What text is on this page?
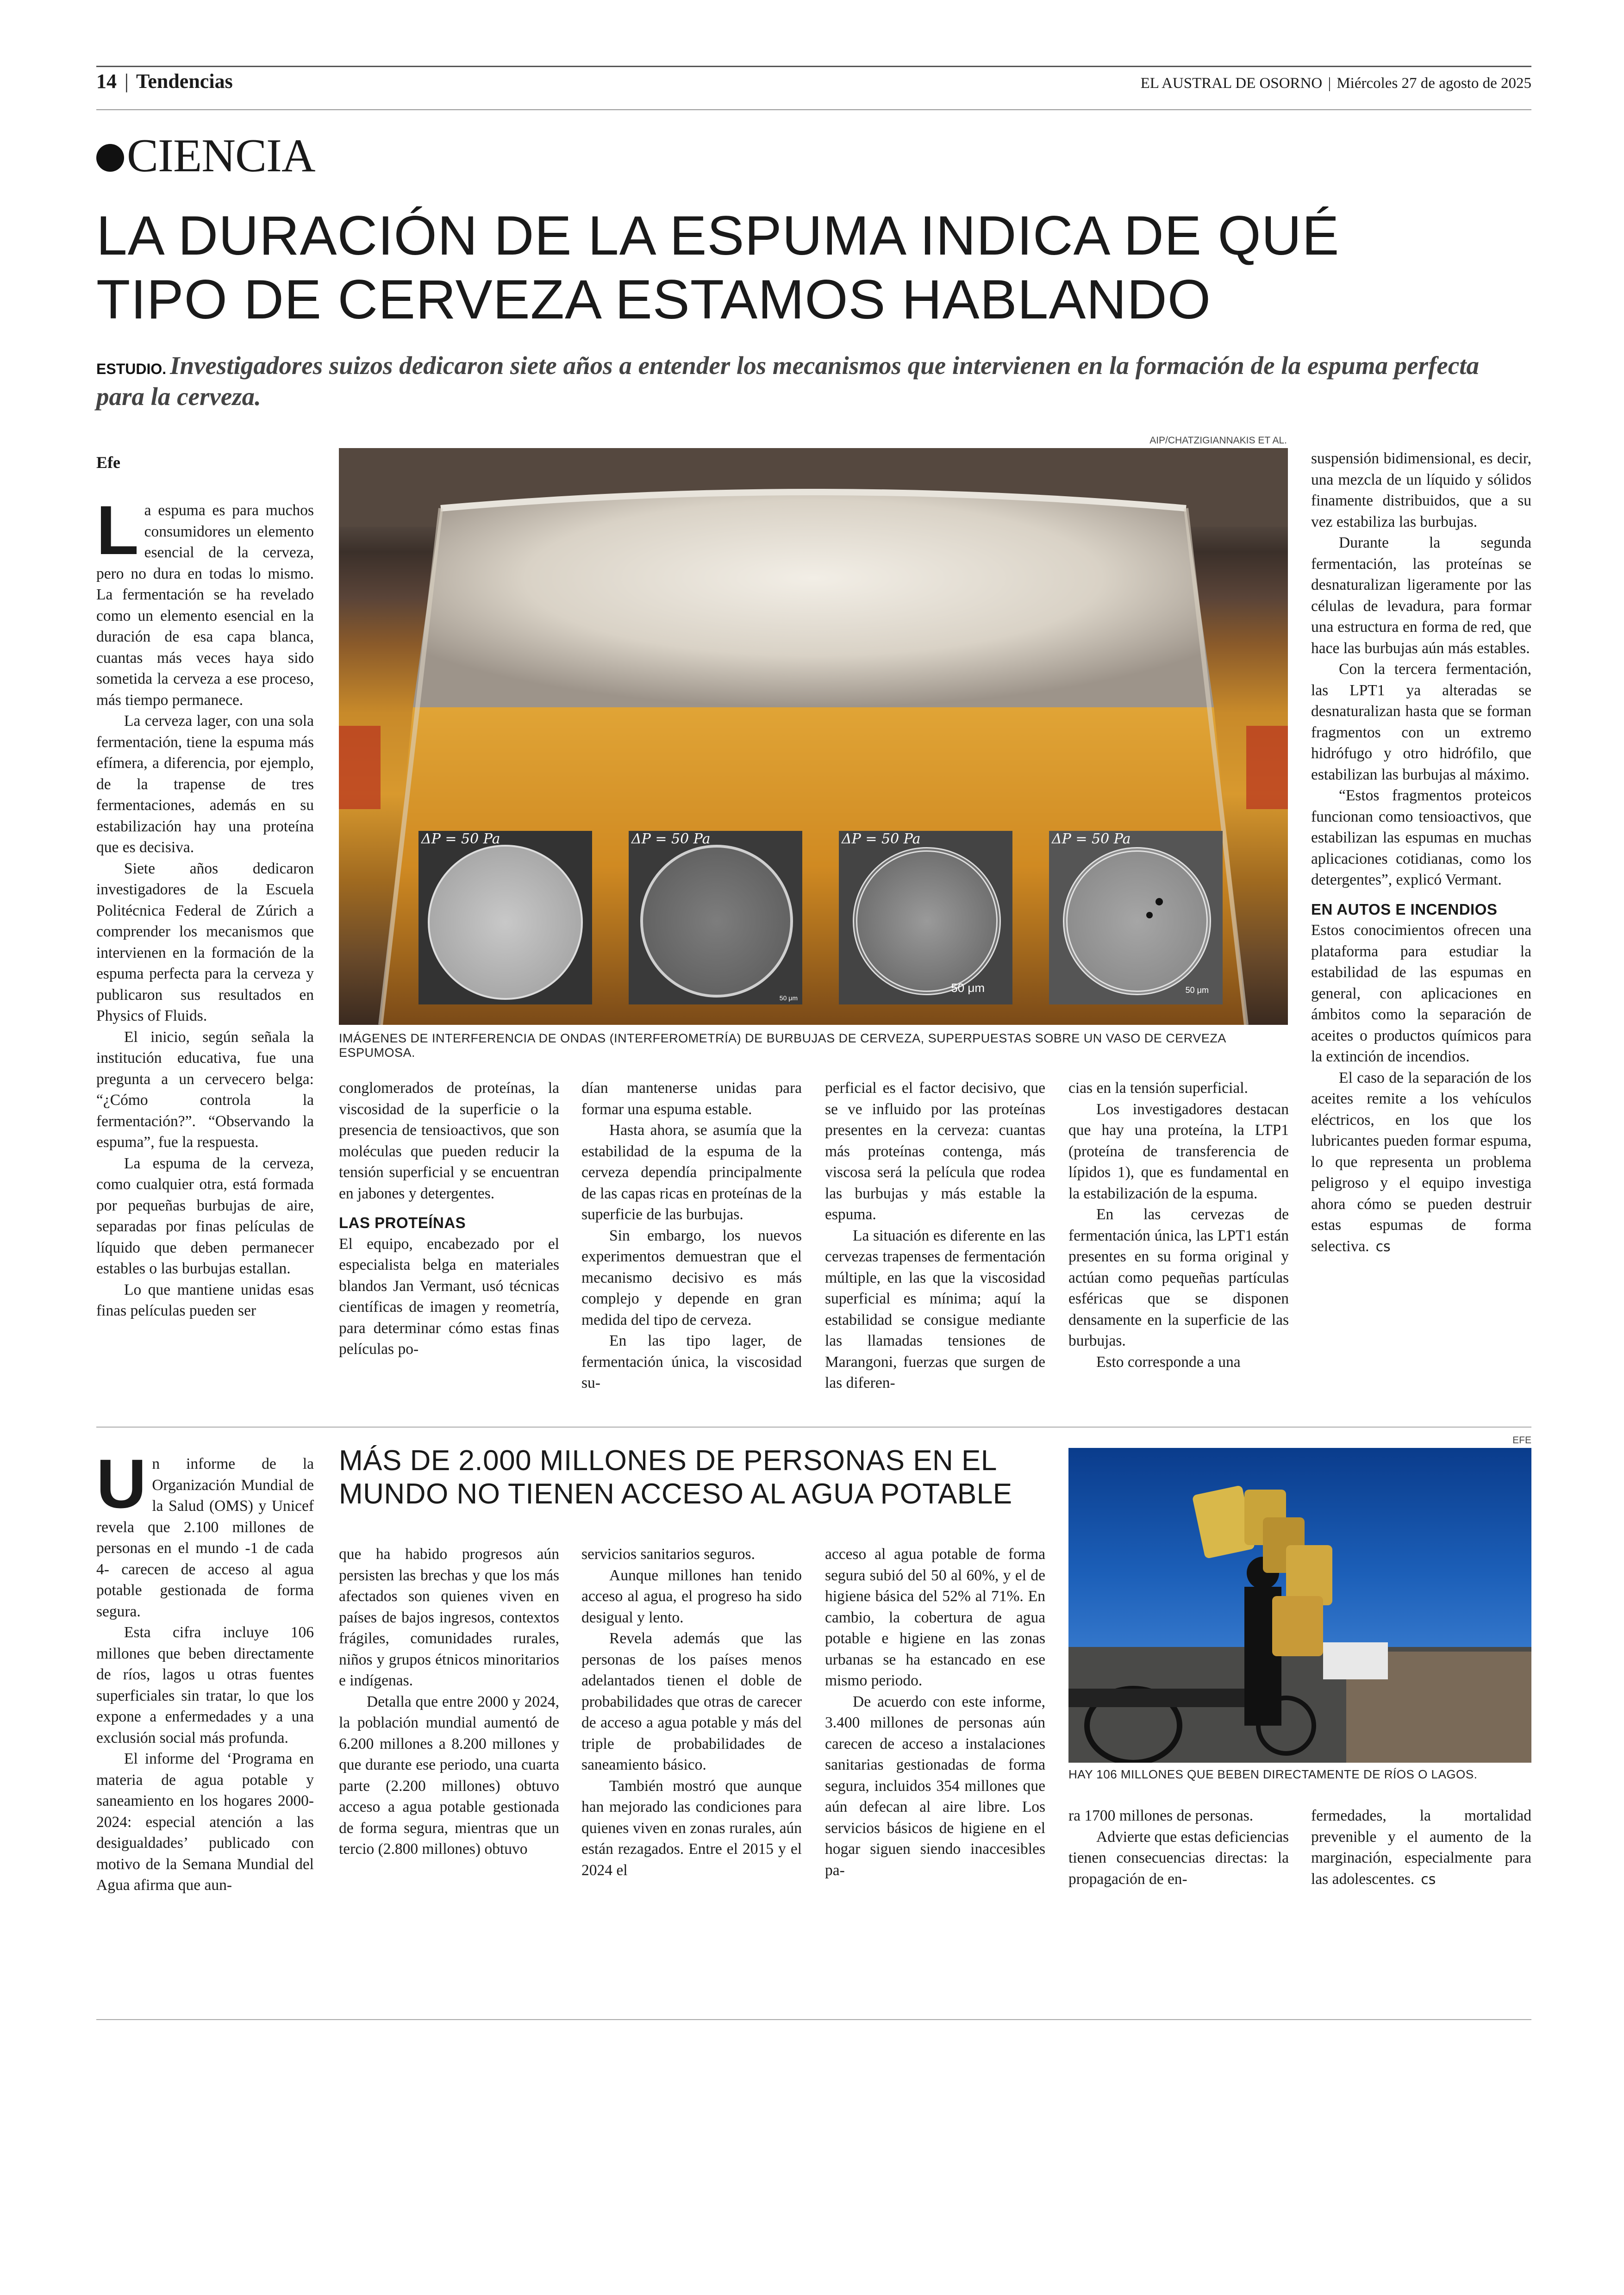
14 | Tendencias	EL AUSTRAL DE OSORNO | Miércoles 27 de agosto de 2025
CIENCIA
LA DURACIÓN DE LA ESPUMA INDICA DE QUÉ
TIPO DE CERVEZA ESTAMOS HABLANDO
ESTUDIO. Investigadores suizos dedicaron siete años a entender los mecanismos que intervienen en la formación de la espuma perfecta para la cerveza.
AIP/CHATZIGIANNAKIS ET AL.
ΔP = 50 Pa	ΔP = 50 Pa
50 μm
ΔP = 50 Pa
50 μm
ΔP = 50 Pa
50 μm
IMÁGENES DE INTERFERENCIA DE ONDAS (INTERFEROMETRÍA) DE BURBUJAS DE CERVEZA, SUPERPUESTAS SOBRE UN VASO DE CERVEZA ESPUMOSA.
Efe

La espuma es para muchos consumidores un elemento esencial de la cerveza, pero no dura en todas lo mismo. La fermentación se ha revelado como un elemento esencial en la duración de esa capa blanca, cuantas más veces haya sido sometida la cerveza a ese proceso, más tiempo permanece.

La cerveza lager, con una sola fermentación, tiene la espuma más efímera, a diferencia, por ejemplo, de la trapense de tres fermentaciones, además en su estabilización hay una proteína que es decisiva.

Siete años dedicaron investigadores de la Escuela Politécnica Federal de Zúrich a comprender los mecanismos que intervienen en la formación de la espuma perfecta para la cerveza y publicaron sus resultados en Physics of Fluids.

El inicio, según señala la institución educativa, fue una pregunta a un cervecero belga: “¿Cómo controla la fermentación?”. “Observando la espuma”, fue la respuesta.

La espuma de la cerveza, como cualquier otra, está formada por pequeñas burbujas de aire, separadas por finas películas de líquido que deben permanecer estables o las burbujas estallan.

Lo que mantiene unidas esas finas películas pueden ser

conglomerados de proteínas, la viscosidad de la superficie o la presencia de tensioactivos, que son moléculas que pueden reducir la tensión superficial y se encuentran en jabones y detergentes.

LAS PROTEÍNAS

El equipo, encabezado por el especialista belga en materiales blandos Jan Vermant, usó técnicas científicas de imagen y reometría, para determinar cómo estas finas películas po-

dían mantenerse unidas para formar una espuma estable.

Hasta ahora, se asumía que la estabilidad de la espuma de la cerveza dependía principalmente de las capas ricas en proteínas de la superficie de las burbujas.

Sin embargo, los nuevos experimentos demuestran que el mecanismo decisivo es más complejo y depende en gran medida del tipo de cerveza.

En las tipo lager, de fermentación única, la viscosidad su-

perficial es el factor decisivo, que se ve influido por las proteínas presentes en la cerveza: cuantas más proteínas contenga, más viscosa será la película que rodea las burbujas y más estable la espuma.

La situación es diferente en las cervezas trapenses de fermentación múltiple, en las que la viscosidad superficial es mínima; aquí la estabilidad se consigue mediante las llamadas tensiones de Marangoni, fuerzas que surgen de las diferen-

cias en la tensión superficial.

Los investigadores destacan que hay una proteína, la LTP1 (proteína de transferencia de lípidos 1), que es fundamental en la estabilización de la espuma.

En las cervezas de fermentación única, las LPT1 están presentes en su forma original y actúan como pequeñas partículas esféricas que se disponen densamente en la superficie de las burbujas.

Esto corresponde a una

suspensión bidimensional, es decir, una mezcla de un líquido y sólidos finamente distribuidos, que a su vez estabiliza las burbujas.

Durante la segunda fermentación, las proteínas se desnaturalizan ligeramente por las células de levadura, para formar una estructura en forma de red, que hace las burbujas aún más estables.

Con la tercera fermentación, las LPT1 ya alteradas se desnaturalizan hasta que se forman fragmentos con un extremo hidrófugo y otro hidrófilo, que estabilizan las burbujas al máximo.

“Estos fragmentos proteicos funcionan como tensioactivos, que estabilizan las espumas en muchas aplicaciones cotidianas, como los detergentes”, explicó Vermant.

EN AUTOS E INCENDIOS

Estos conocimientos ofrecen una plataforma para estudiar la estabilidad de las espumas en general, con aplicaciones en ámbitos como la separación de aceites o productos químicos para la extinción de incendios.

El caso de la separación de los aceites remite a los vehículos eléctricos, en los que los lubricantes pueden formar espuma, lo que representa un problema peligroso y el equipo investiga ahora cómo se pueden destruir estas espumas de forma selectiva. cs

Un informe de la Organización Mundial de la Salud (OMS) y Unicef revela que 2.100 millones de personas en el mundo -1 de cada 4- carecen de acceso al agua potable gestionada de forma segura.

Esta cifra incluye 106 millones que beben directamente de ríos, lagos u otras fuentes superficiales sin tratar, lo que los expone a enfermedades y a una exclusión social más profunda.

El informe del ‘Programa en materia de agua potable y saneamiento en los hogares 2000-2024: especial atención a las desigualdades’ publicado con motivo de la Semana Mundial del Agua afirma que aun-

MÁS DE 2.000 MILLONES DE PERSONAS EN EL
MUNDO NO TIENEN ACCESO AL AGUA POTABLE

que ha habido progresos aún persisten las brechas y que los más afectados son quienes viven en países de bajos ingresos, contextos frágiles, comunidades rurales, niños y grupos étnicos minoritarios e indígenas.

Detalla que entre 2000 y 2024, la población mundial aumentó de 6.200 millones a 8.200 millones y que durante ese periodo, una cuarta parte (2.200 millones) obtuvo acceso a agua potable gestionada de forma segura, mientras que un tercio (2.800 millones) obtuvo

servicios sanitarios seguros.

Aunque millones han tenido acceso al agua, el progreso ha sido desigual y lento.

Revela además que las personas de los países menos adelantados tienen el doble de probabilidades que otras de carecer de acceso a agua potable y más del triple de probabilidades de saneamiento básico.

También mostró que aunque han mejorado las condiciones para quienes viven en zonas rurales, aún están rezagados. Entre el 2015 y el 2024 el

acceso al agua potable de forma segura subió del 50 al 60%, y el de higiene básica del 52% al 71%. En cambio, la cobertura de agua potable e higiene en las zonas urbanas se ha estancado en ese mismo periodo.

De acuerdo con este informe, 3.400 millones de personas aún carecen de acceso a instalaciones sanitarias gestionadas de forma segura, incluidos 354 millones que aún defecan al aire libre. Los servicios básicos de higiene en el hogar siguen siendo inaccesibles pa-

EFE
HAY 106 MILLONES QUE BEBEN DIRECTAMENTE DE RÍOS O LAGOS.

ra 1700 millones de personas.

Advierte que estas deficiencias tienen consecuencias directas: la propagación de en-

fermedades, la mortalidad prevenible y el aumento de la marginación, especialmente para las adolescentes. cs
